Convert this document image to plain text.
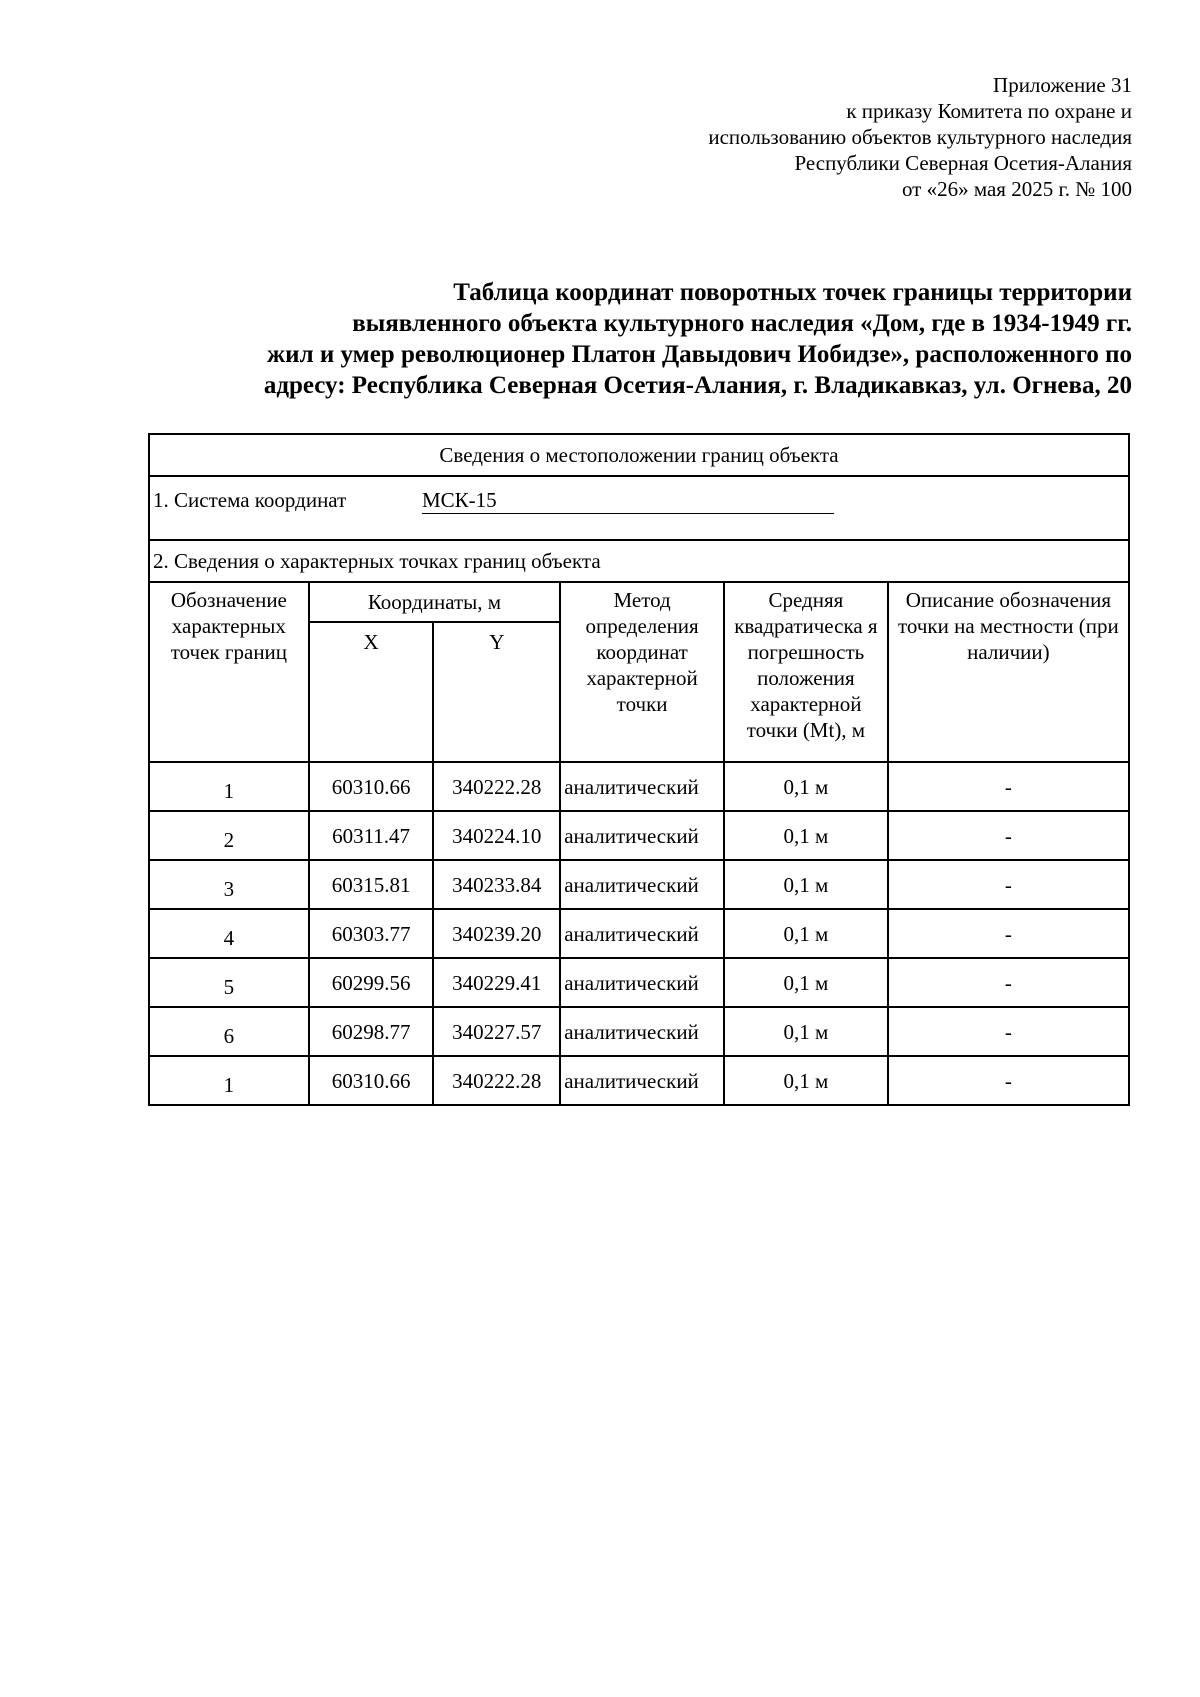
Приложение 31
к приказу Комитета по охране и
использованию объектов культурного наследия
Республики Северная Осетия-Алания
от «26» мая 2025 г. № 100
Таблица координат поворотных точек границы территории
выявленного объекта культурного наследия «Дом, где в 1934-1949 гг.
жил и умер революционер Платон Давыдович Иобидзе», расположенного по
адресу: Республика Северная Осетия-Алания, г. Владикавказ, ул. Огнева, 20
Сведения о местоположении границ объекта					

1. Система координат МСК-15					

2. Сведения о характерных точках границ объекта					
Обозначение характерных точек границ	Координаты, м		Метод определения координат характерной точки	Средняя квадратическа я погрешность положения характерной точки (Mt), м	Описание обозначения точки на местности (при наличии)
	X	Y			
1	60310.66	340222.28	аналитический	0,1 м	-
2	60311.47	340224.10	аналитический	0,1 м	-
3	60315.81	340233.84	аналитический	0,1 м	-
4	60303.77	340239.20	аналитический	0,1 м	-
5	60299.56	340229.41	аналитический	0,1 м	-
6	60298.77	340227.57	аналитический	0,1 м	-
1	60310.66	340222.28	аналитический	0,1 м	-
